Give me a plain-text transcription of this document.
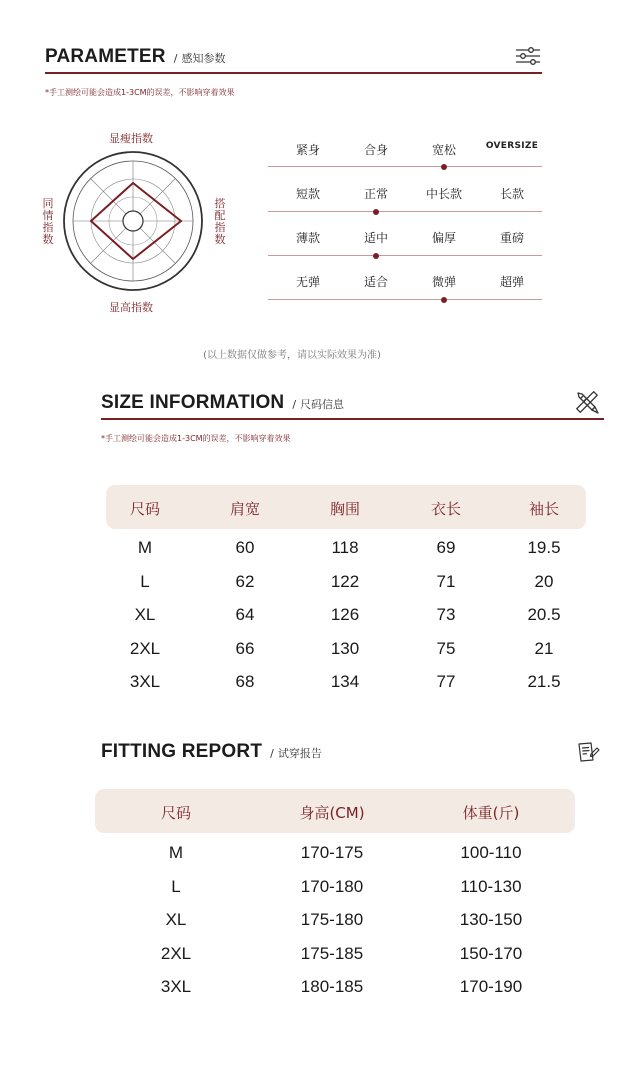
PARAMETER / 感知参数
*手工测绘可能会造成1-3CM的误差，不影响穿着效果
显瘦指数
显高指数
同情指数
搭配指数
紧身	合身	宽松	OVERSIZE
短款	正常	中长款	长款
薄款	适中	偏厚	重磅
无弹	适合	微弹	超弹
(以上数据仅做参考，请以实际效果为准)
SIZE INFORMATION / 尺码信息
*手工测绘可能会造成1-3CM的误差，不影响穿着效果
尺码	肩宽	胸围	衣长	袖长
M	60	118	69	19.5
L	62	122	71	20
XL	64	126	73	20.5
2XL	66	130	75	21
3XL	68	134	77	21.5
FITTING REPORT / 试穿报告
尺码	身高(CM)	体重(斤)
M	170-175	100-110
L	170-180	110-130
XL	175-180	130-150
2XL	175-185	150-170
3XL	180-185	170-190
